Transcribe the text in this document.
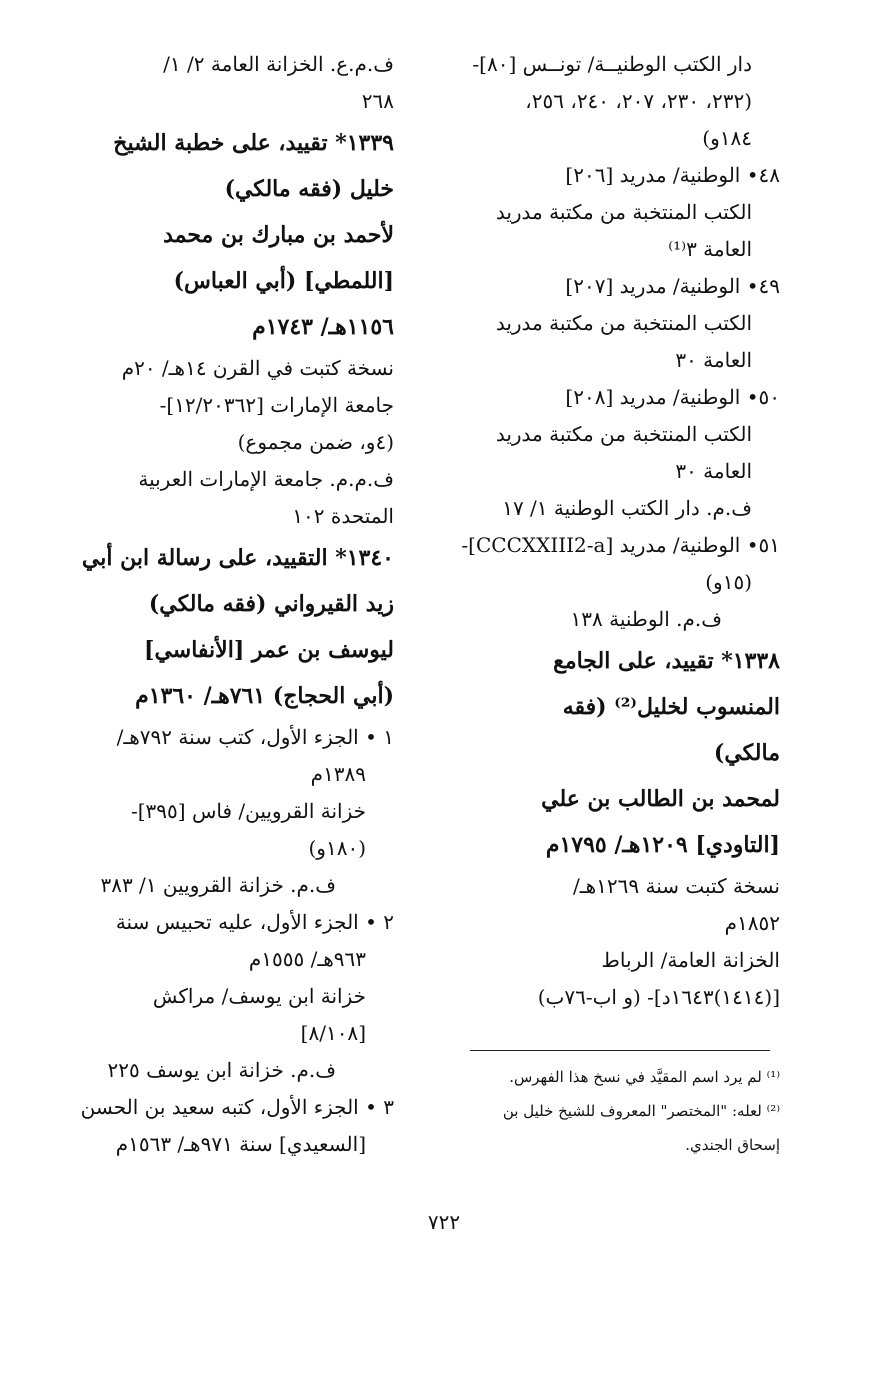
دار الكتب الوطنيــة/ تونــس [٨٠]-
(٢٣٢، ٢٣٠، ٢٠٧، ٢٤٠، ٢٥٦،
١٨٤و)
٤٨• الوطنية/ مدريد [٢٠٦]
الكتب المنتخبة من مكتبة مدريد
العامة ٣⁽¹⁾
٤٩• الوطنية/ مدريد [٢٠٧]
الكتب المنتخبة من مكتبة مدريد
العامة ٣٠
٥٠• الوطنية/ مدريد [٢٠٨]
الكتب المنتخبة من مكتبة مدريد
العامة ٣٠
ف.م. دار الكتب الوطنية ١/ ١٧
٥١• الوطنية/ مدريد [CCCXXIII2-a]-
(١٥و)
ف.م. الوطنية ١٣٨
١٣٣٨* تقييد، على الجامع
المنسوب لخليل⁽²⁾ (فقه
مالكي)
لمحمد بن الطالب بن علي
[التاودي] ١٢٠٩هـ/ ١٧٩٥م
نسخة كتبت سنة ١٢٦٩هـ/
١٨٥٢م
الخزانة العامة/ الرباط
[(١٤١٤)١٦٤٣د]- (و اب-٧٦ب)
ف.م.ع. الخزانة العامة ٢/ ١/
٢٦٨
١٣٣٩* تقييد، على خطبة الشيخ
خليل (فقه مالكي)
لأحمد بن مبارك بن محمد
[اللمطي] (أبي العباس)
١١٥٦هـ/ ١٧٤٣م
نسخة كتبت في القرن ١٤هـ/ ٢٠م
جامعة الإمارات [١٢/٢٠٣٦٢]-
(٤و، ضمن مجموع)
ف.م.م. جامعة الإمارات العربية
المتحدة ١٠٢
١٣٤٠* التقييد، على رسالة ابن أبي
زيد القيرواني (فقه مالكي)
ليوسف بن عمر [الأنفاسي]
(أبي الحجاج) ٧٦١هـ/ ١٣٦٠م
١ • الجزء الأول، كتب سنة ٧٩٢هـ/
١٣٨٩م
خزانة القرويين/ فاس [٣٩٥]-
(١٨٠و)
ف.م. خزانة القرويين ١/ ٣٨٣
٢ • الجزء الأول، عليه تحبيس سنة
٩٦٣هـ/ ١٥٥٥م
خزانة ابن يوسف/ مراكش
[٨/١٠٨]
ف.م. خزانة ابن يوسف ٢٢٥
٣ • الجزء الأول، كتبه سعيد بن الحسن
[السعيدي] سنة ٩٧١هـ/ ١٥٦٣م
⁽¹⁾ لم يرد اسم المقيَّد في نسخ هذا الفهرس.
⁽²⁾ لعله: "المختصر" المعروف للشيخ خليل بن
إسحاق الجندي.
٧٢٢
